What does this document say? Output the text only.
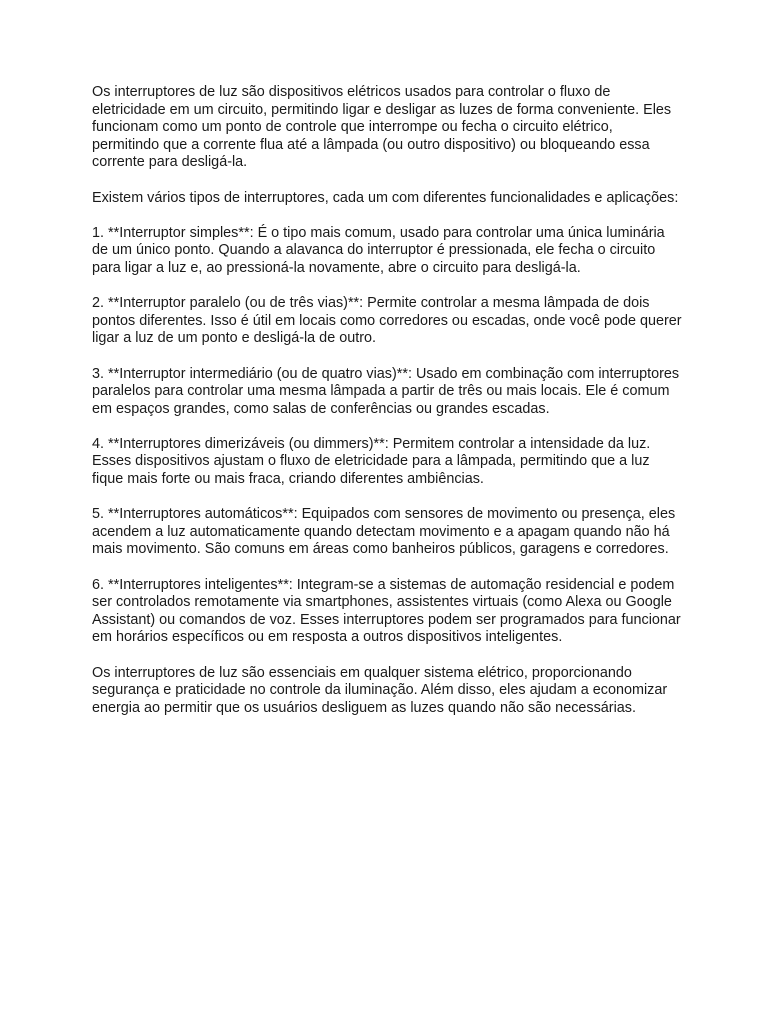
Os interruptores de luz são dispositivos elétricos usados para controlar o fluxo de
eletricidade em um circuito, permitindo ligar e desligar as luzes de forma conveniente. Eles
funcionam como um ponto de controle que interrompe ou fecha o circuito elétrico,
permitindo que a corrente flua até a lâmpada (ou outro dispositivo) ou bloqueando essa
corrente para desligá-la.

Existem vários tipos de interruptores, cada um com diferentes funcionalidades e aplicações:

1. **Interruptor simples**: É o tipo mais comum, usado para controlar uma única luminária
de um único ponto. Quando a alavanca do interruptor é pressionada, ele fecha o circuito
para ligar a luz e, ao pressioná-la novamente, abre o circuito para desligá-la.

2. **Interruptor paralelo (ou de três vias)**: Permite controlar a mesma lâmpada de dois
pontos diferentes. Isso é útil em locais como corredores ou escadas, onde você pode querer
ligar a luz de um ponto e desligá-la de outro.

3. **Interruptor intermediário (ou de quatro vias)**: Usado em combinação com interruptores
paralelos para controlar uma mesma lâmpada a partir de três ou mais locais. Ele é comum
em espaços grandes, como salas de conferências ou grandes escadas.

4. **Interruptores dimerizáveis (ou dimmers)**: Permitem controlar a intensidade da luz.
Esses dispositivos ajustam o fluxo de eletricidade para a lâmpada, permitindo que a luz
fique mais forte ou mais fraca, criando diferentes ambiências.

5. **Interruptores automáticos**: Equipados com sensores de movimento ou presença, eles
acendem a luz automaticamente quando detectam movimento e a apagam quando não há
mais movimento. São comuns em áreas como banheiros públicos, garagens e corredores.

6. **Interruptores inteligentes**: Integram-se a sistemas de automação residencial e podem
ser controlados remotamente via smartphones, assistentes virtuais (como Alexa ou Google
Assistant) ou comandos de voz. Esses interruptores podem ser programados para funcionar
em horários específicos ou em resposta a outros dispositivos inteligentes.

Os interruptores de luz são essenciais em qualquer sistema elétrico, proporcionando
segurança e praticidade no controle da iluminação. Além disso, eles ajudam a economizar
energia ao permitir que os usuários desliguem as luzes quando não são necessárias.
